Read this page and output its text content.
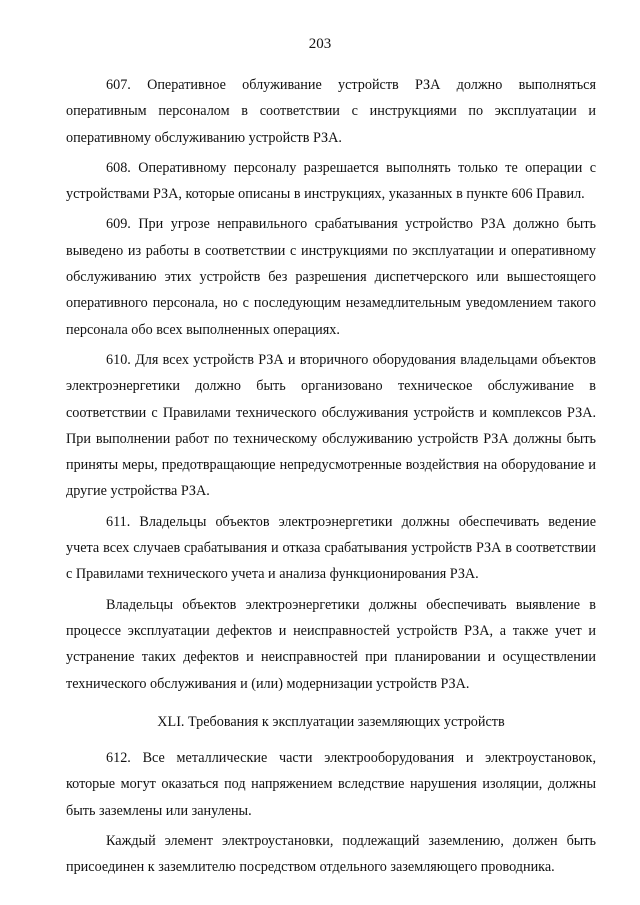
203

607. Оперативное облуживание устройств РЗА должно выполняться оперативным персоналом в соответствии с инструкциями по эксплуатации и оперативному обслуживанию устройств РЗА.

608. Оперативному персоналу разрешается выполнять только те операции с устройствами РЗА, которые описаны в инструкциях, указанных в пункте 606 Правил.

609. При угрозе неправильного срабатывания устройство РЗА должно быть выведено из работы в соответствии с инструкциями по эксплуатации и оперативному обслуживанию этих устройств без разрешения диспетчерского или вышестоящего оперативного персонала, но с последующим незамедлительным уведомлением такого персонала обо всех выполненных операциях.

610. Для всех устройств РЗА и вторичного оборудования владельцами объектов электроэнергетики должно быть организовано техническое обслуживание в соответствии с Правилами технического обслуживания устройств и комплексов РЗА. При выполнении работ по техническому обслуживанию устройств РЗА должны быть приняты меры, предотвращающие непредусмотренные воздействия на оборудование и другие устройства РЗА.

611. Владельцы объектов электроэнергетики должны обеспечивать ведение учета всех случаев срабатывания и отказа срабатывания устройств РЗА в соответствии с Правилами технического учета и анализа функционирования РЗА.

Владельцы объектов электроэнергетики должны обеспечивать выявление в процессе эксплуатации дефектов и неисправностей устройств РЗА, а также учет и устранение таких дефектов и неисправностей при планировании и осуществлении технического обслуживания и (или) модернизации устройств РЗА.

XLI. Требования к эксплуатации заземляющих устройств

612. Все металлические части электрооборудования и электроустановок, которые могут оказаться под напряжением вследствие нарушения изоляции, должны быть заземлены или занулены.

Каждый элемент электроустановки, подлежащий заземлению, должен быть присоединен к заземлителю посредством отдельного заземляющего проводника.
